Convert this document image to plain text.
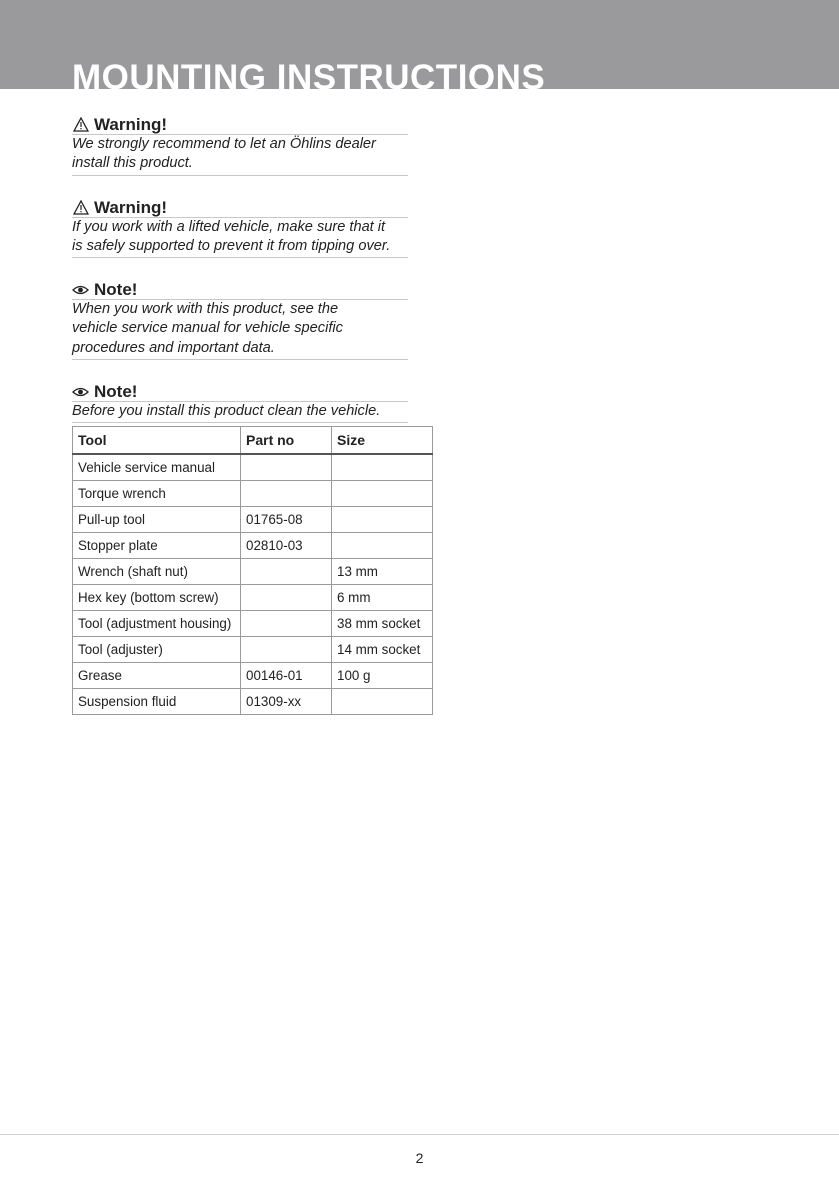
MOUNTING INSTRUCTIONS
Warning!
We strongly recommend to let an Öhlins dealer
install this product.
Warning!
If you work with a lifted vehicle, make sure that it
is safely supported to prevent it from tipping over.
Note!
When you work with this product, see the
vehicle service manual for vehicle specific
procedures and important data.
Note!
Before you install this product clean the vehicle.
Tool	Part no	Size
Vehicle service manual		
Torque wrench		
Pull-up tool	01765-08	
Stopper plate	02810-03	
Wrench (shaft nut)		13 mm
Hex key (bottom screw)		6 mm
Tool (adjustment housing)		38 mm socket
Tool (adjuster)		14 mm socket
Grease	00146-01	100 g
Suspension fluid	01309-xx	
2
